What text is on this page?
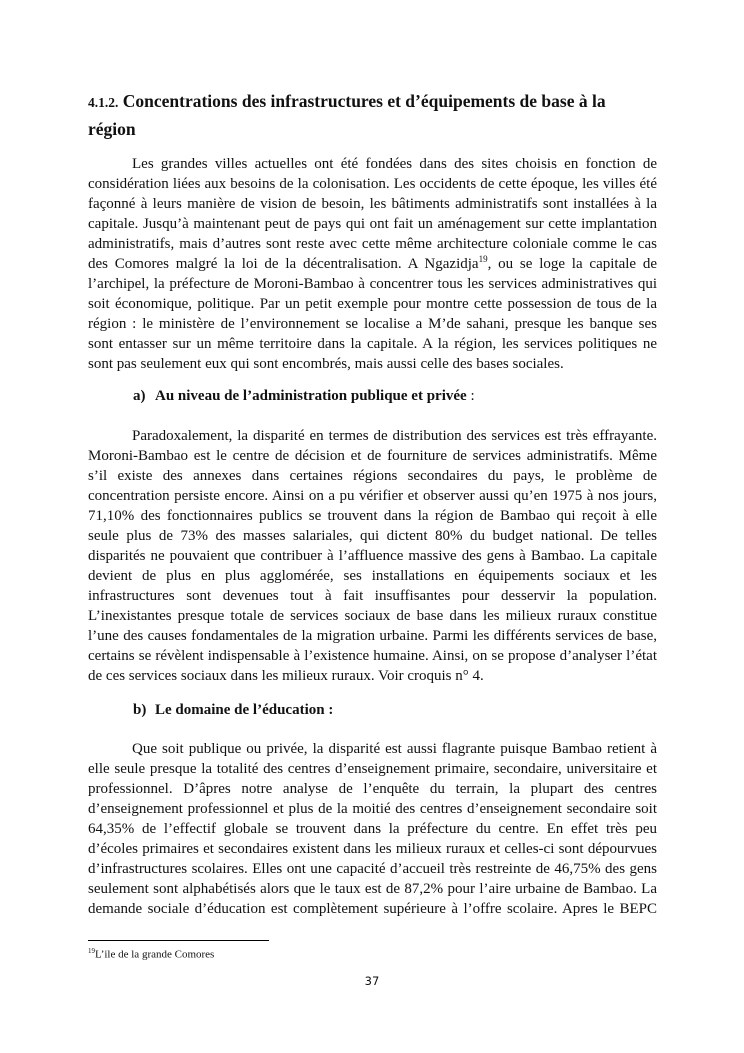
4.1.2. Concentrations des infrastructures et d’équipements de base à la
région
Les grandes villes actuelles ont été fondées dans des sites choisis en fonction de
considération liées aux besoins de la colonisation. Les occidents de cette époque, les villes été
façonné à leurs manière de vision de besoin, les bâtiments administratifs sont installées à la
capitale. Jusqu’à maintenant peut de pays qui ont fait un aménagement sur cette implantation
administratifs, mais d’autres sont reste avec cette même architecture coloniale comme le cas
des Comores malgré la loi de la décentralisation. A Ngazidja$^{19}$, ou se loge la capitale de
l’archipel, la préfecture de Moroni-Bambao à concentrer tous les services administratives qui
soit économique, politique. Par un petit exemple pour montre cette possession de tous de la
région : le ministère de l’environnement se localise a M’de sahani, presque les banque ses
sont entasser sur un même territoire dans la capitale. A la région, les services politiques ne
sont pas seulement eux qui sont encombrés, mais aussi celle des bases sociales.
a) Au niveau de l’administration publique et privée :
Paradoxalement, la disparité en termes de distribution des services est très effrayante.
Moroni-Bambao est le centre de décision et de fourniture de services administratifs. Même
s’il existe des annexes dans certaines régions secondaires du pays, le problème de
concentration persiste encore. Ainsi on a pu vérifier et observer aussi qu’en 1975 à nos jours,
71,10% des fonctionnaires publics se trouvent dans la région de Bambao qui reçoit à elle
seule plus de 73% des masses salariales, qui dictent 80% du budget national. De telles
disparités ne pouvaient que contribuer à l’affluence massive des gens à Bambao. La capitale
devient de plus en plus agglomérée, ses installations en équipements sociaux et les
infrastructures sont devenues tout à fait insuffisantes pour desservir la population.
L’inexistantes presque totale de services sociaux de base dans les milieux ruraux constitue
l’une des causes fondamentales de la migration urbaine. Parmi les différents services de base,
certains se révèlent indispensable à l’existence humaine. Ainsi, on se propose d’analyser l’état
de ces services sociaux dans les milieux ruraux. Voir croquis n° 4.
b) Le domaine de l’éducation :
Que soit publique ou privée, la disparité est aussi flagrante puisque Bambao retient à
elle seule presque la totalité des centres d’enseignement primaire, secondaire, universitaire et
professionnel. D’âpres notre analyse de l’enquête du terrain, la plupart des centres
d’enseignement professionnel et plus de la moitié des centres d’enseignement secondaire soit
64,35% de l’effectif globale se trouvent dans la préfecture du centre. En effet très peu
d’écoles primaires et secondaires existent dans les milieux ruraux et celles-ci sont dépourvues
d’infrastructures scolaires. Elles ont une capacité d’accueil très restreinte de 46,75% des gens
seulement sont alphabétisés alors que le taux est de 87,2% pour l’aire urbaine de Bambao. La
demande sociale d’éducation est complètement supérieure à l’offre scolaire. Apres le BEPC
$^{19}$L’ile de la grande Comores
37
